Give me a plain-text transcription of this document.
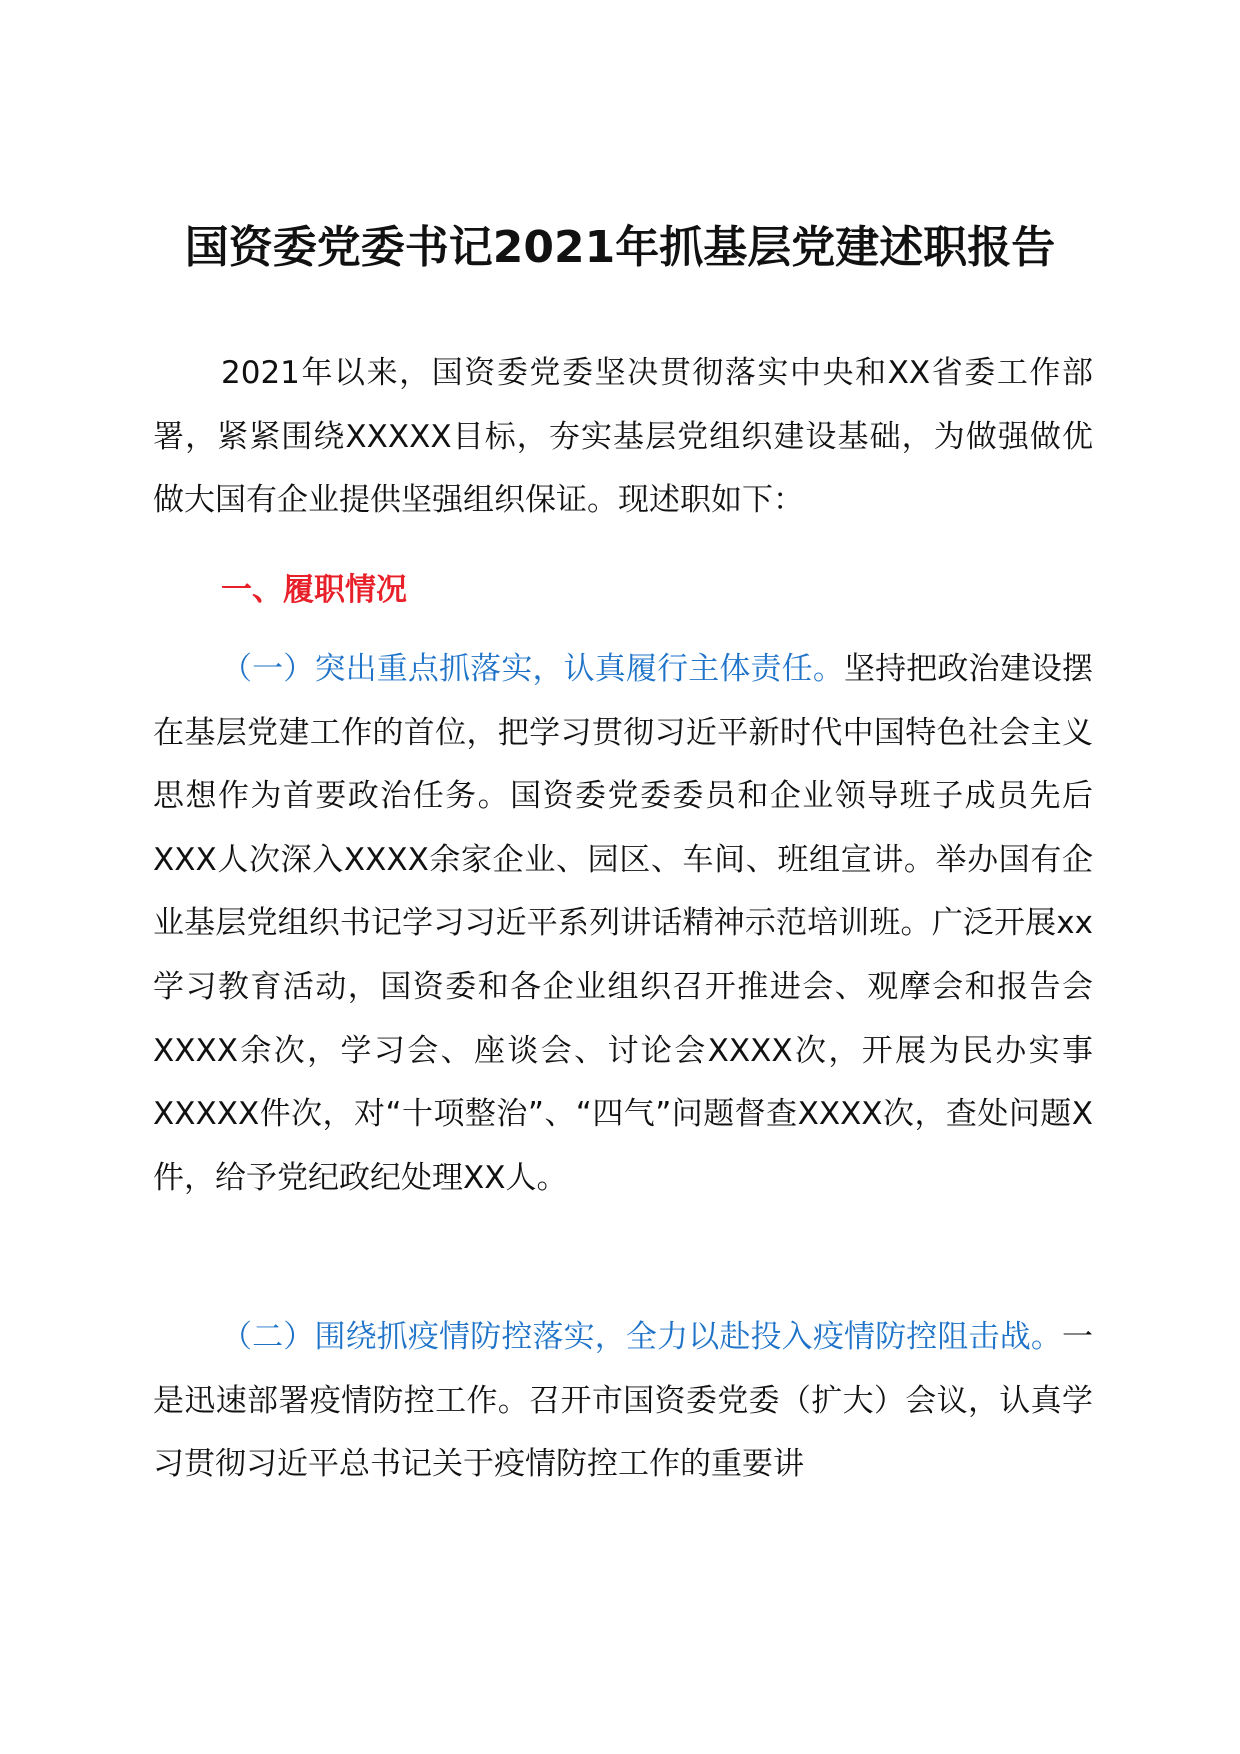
国资委党委书记2021年抓基层党建述职报告

2021年以来，国资委党委坚决贯彻落实中央和XX省委工作部署，紧紧围绕XXXXX目标，夯实基层党组织建设基础，为做强做优做大国有企业提供坚强组织保证。现述职如下：

一、履职情况

（一）突出重点抓落实，认真履行主体责任。坚持把政治建设摆在基层党建工作的首位，把学习贯彻习近平新时代中国特色社会主义思想作为首要政治任务。国资委党委委员和企业领导班子成员先后XXX人次深入XXXX余家企业、园区、车间、班组宣讲。举办国有企业基层党组织书记学习习近平系列讲话精神示范培训班。广泛开展xx学习教育活动，国资委和各企业组织召开推进会、观摩会和报告会XXXX余次，学习会、座谈会、讨论会XXXX次，开展为民办实事XXXXX件次，对“十项整治”、“四气”问题督查XXXX次，查处问题X件，给予党纪政纪处理XX人。

（二）围绕抓疫情防控落实，全力以赴投入疫情防控阻击战。一是迅速部署疫情防控工作。召开市国资委党委（扩大）会议，认真学习贯彻习近平总书记关于疫情防控工作的重要讲
